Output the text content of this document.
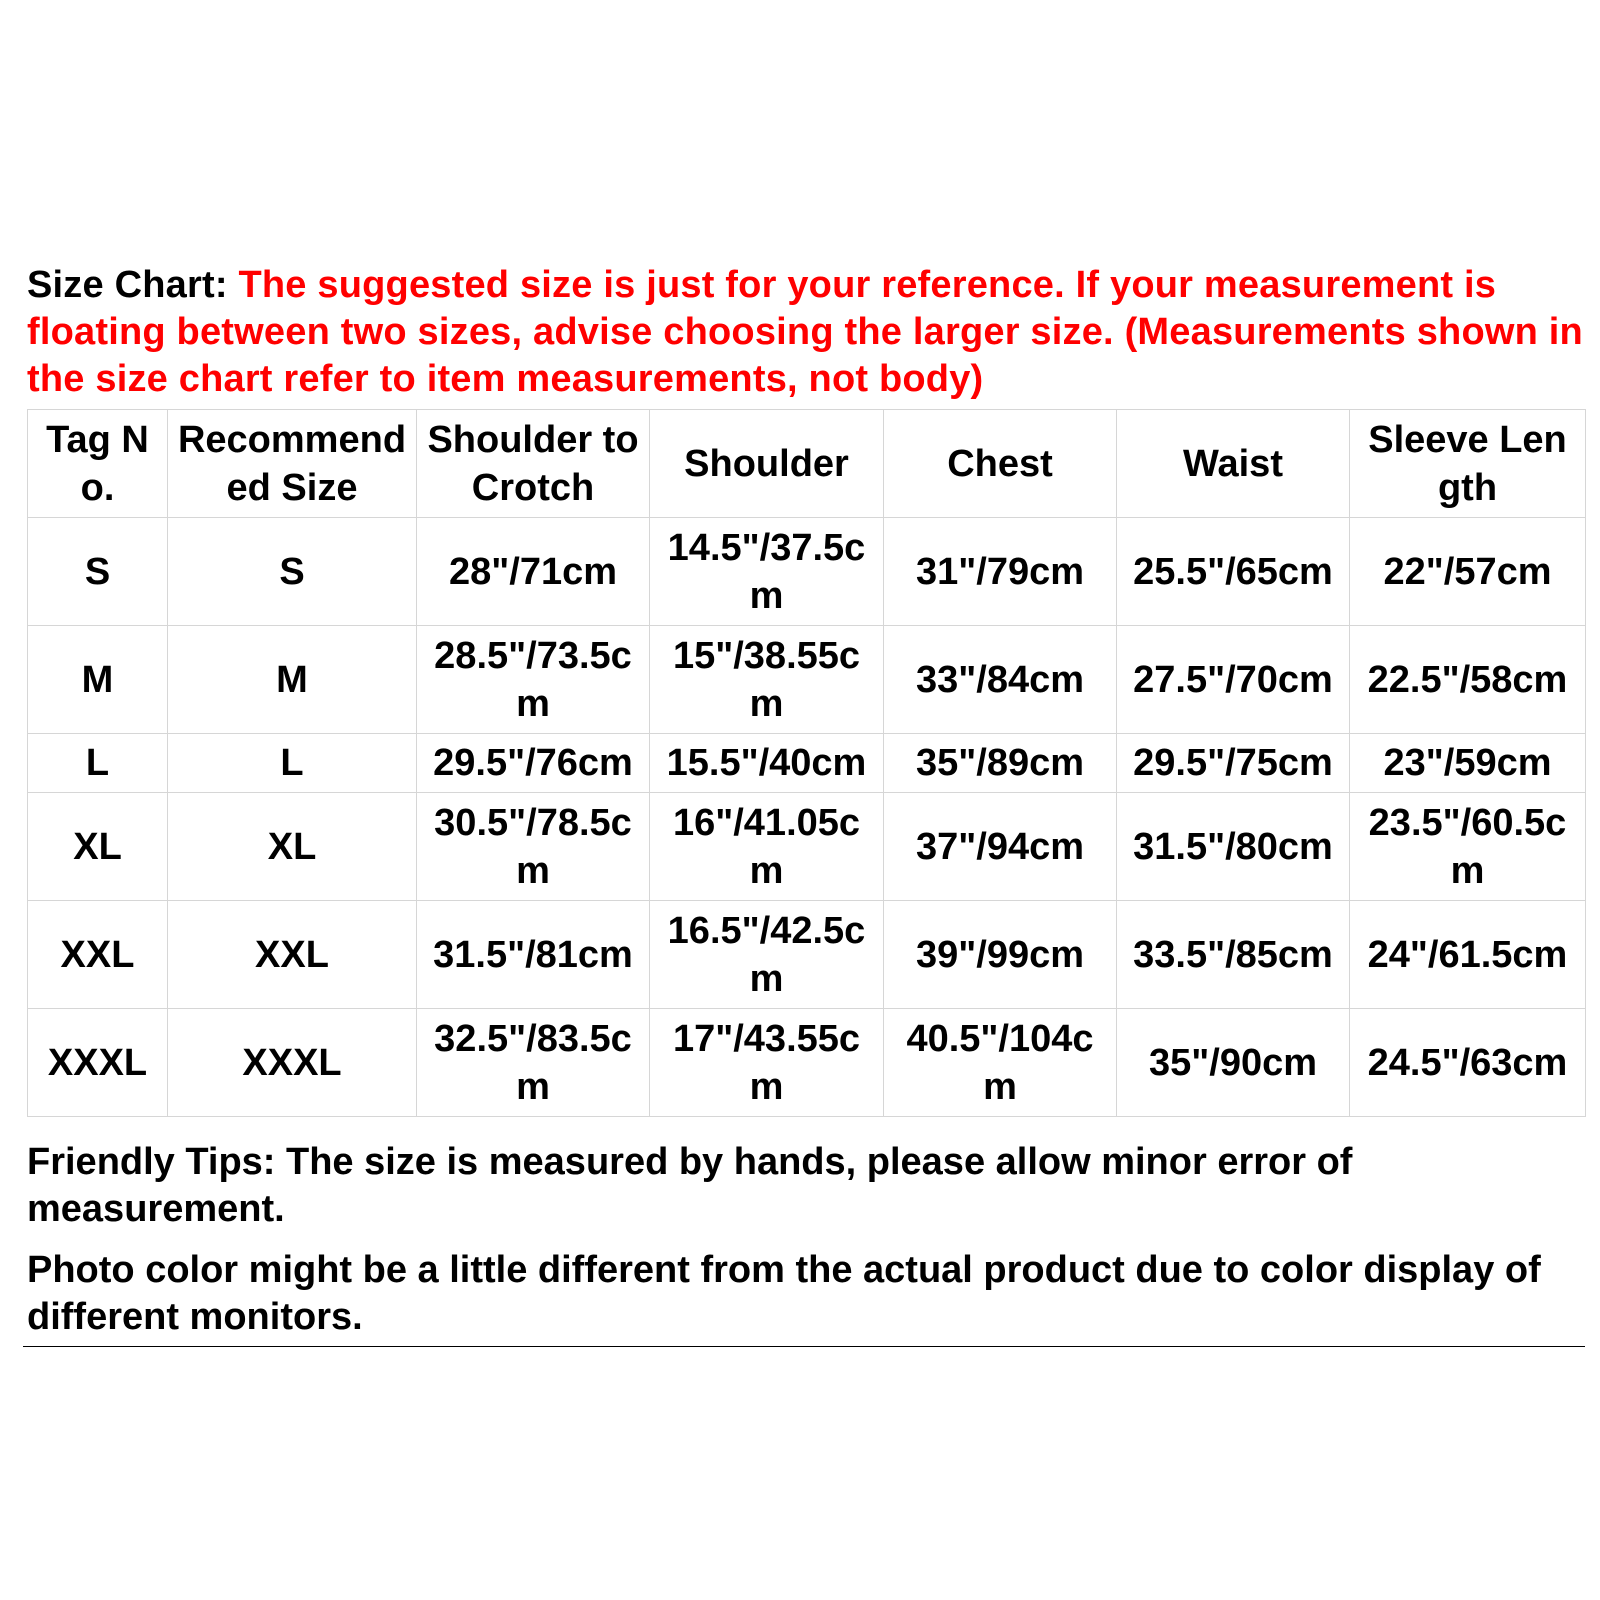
Size Chart: The suggested size is just for your reference. If your measurement is floating between two sizes, advise choosing the larger size. (Measurements shown in the size chart refer to item measurements, not body)

Tag No.	Recommended Size	Shoulder to Crotch	Shoulder	Chest	Waist	Sleeve Length
S	S	28"/71cm	14.5"/37.5cm	31"/79cm	25.5"/65cm	22"/57cm
M	M	28.5"/73.5cm	15"/38.55cm	33"/84cm	27.5"/70cm	22.5"/58cm
L	L	29.5"/76cm	15.5"/40cm	35"/89cm	29.5"/75cm	23"/59cm
XL	XL	30.5"/78.5cm	16"/41.05cm	37"/94cm	31.5"/80cm	23.5"/60.5cm
XXL	XXL	31.5"/81cm	16.5"/42.5cm	39"/99cm	33.5"/85cm	24"/61.5cm
XXXL	XXXL	32.5"/83.5cm	17"/43.55cm	40.5"/104cm	35"/90cm	24.5"/63cm

Friendly Tips: The size is measured by hands, please allow minor error of measurement.

Photo color might be a little different from the actual product due to color display of different monitors.
